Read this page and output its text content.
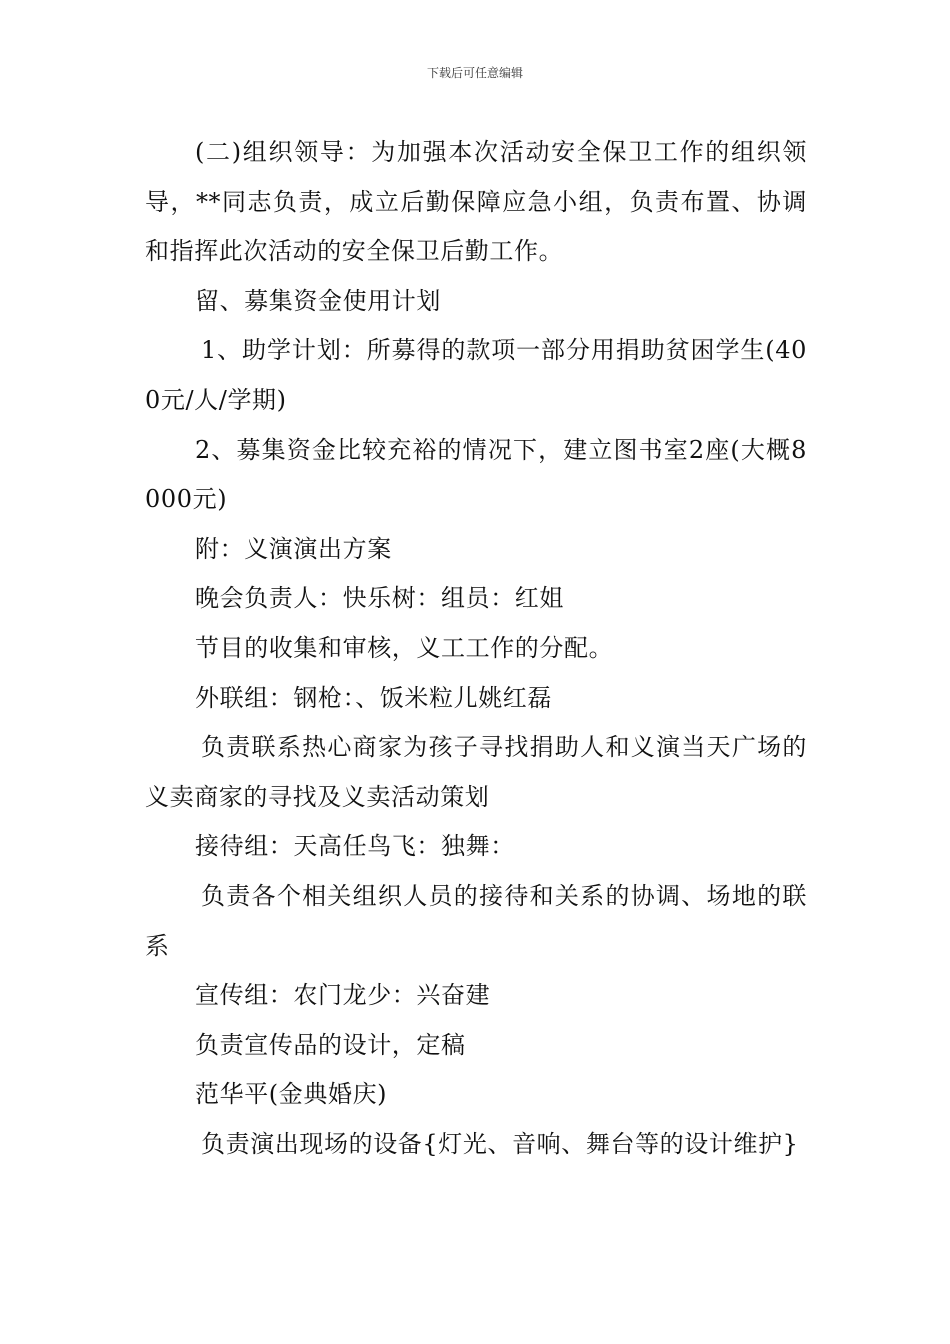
下载后可任意编辑

(二)组织领导：为加强本次活动安全保卫工作的组织领导，**同志负责，成立后勤保障应急小组，负责布置、协调和指挥此次活动的安全保卫后勤工作。

留、募集资金使用计划

1、助学计划：所募得的款项一部分用捐助贫困学生(400元/人/学期)

2、募集资金比较充裕的情况下，建立图书室2座(大概8000元)

附：义演演出方案

晚会负责人：快乐树：组员：红姐

节目的收集和审核，义工工作的分配。

外联组：钢枪：、饭米粒儿姚红磊

负责联系热心商家为孩子寻找捐助人和义演当天广场的义卖商家的寻找及义卖活动策划

接待组：天高任鸟飞：独舞：

负责各个相关组织人员的接待和关系的协调、场地的联系

宣传组：农门龙少：兴奋建

负责宣传品的设计，定稿

范华平(金典婚庆)

负责演出现场的设备{灯光、音响、舞台等的设计维护}
